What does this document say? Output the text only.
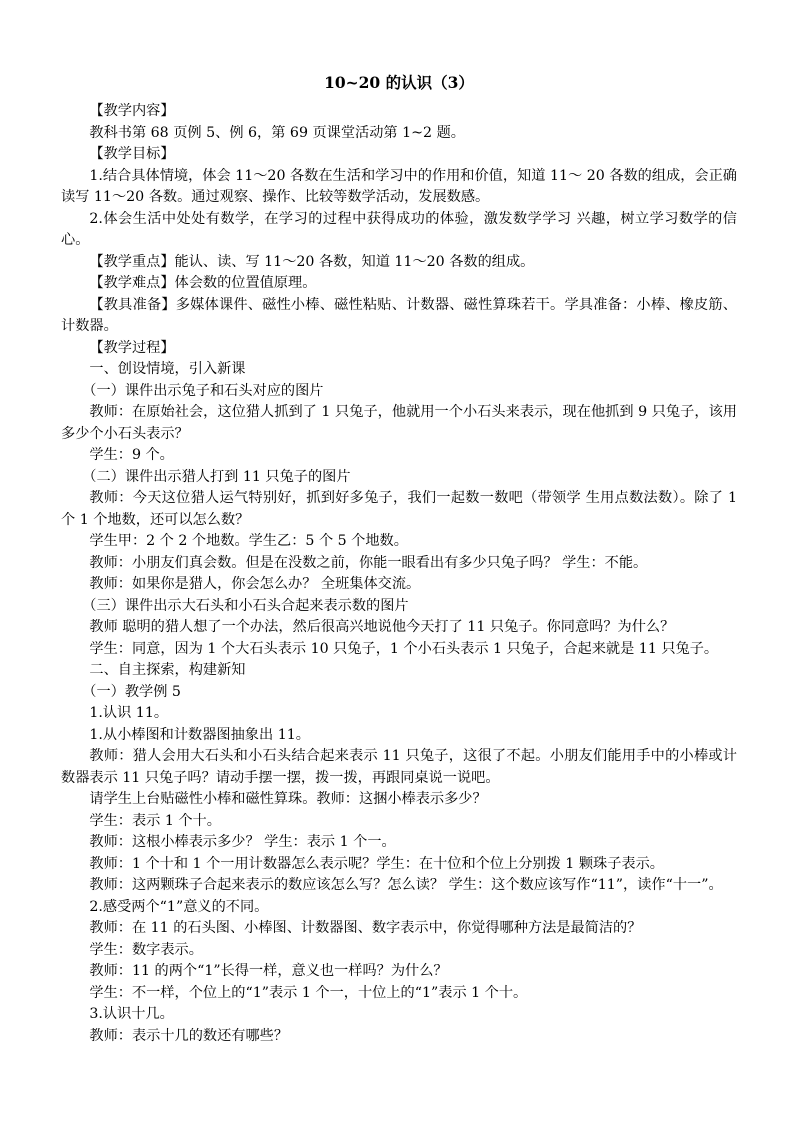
10~20 的认识（3）

【教学内容】

教科书第 68 页例 5、例 6，第 69 页课堂活动第 1~2 题。

【教学目标】

1.结合具体情境，体会 11～20 各数在生活和学习中的作用和价值，知道 11～ 20 各数的组成，会正确读写 11～20 各数。通过观察、操作、比较等数学活动，发展数感。

2.体会生活中处处有数学，在学习的过程中获得成功的体验，激发数学学习 兴趣，树立学习数学的信心。

【教学重点】能认、读、写 11～20 各数，知道 11～20 各数的组成。

【教学难点】体会数的位置值原理。

【教具准备】多媒体课件、磁性小棒、磁性粘贴、计数器、磁性算珠若干。学具准备：小棒、橡皮筋、计数器。

【教学过程】

一、创设情境，引入新课

（一）课件出示兔子和石头对应的图片

教师：在原始社会，这位猎人抓到了 1 只兔子，他就用一个小石头来表示，现在他抓到 9 只兔子，该用多少个小石头表示？

学生：9 个。

（二）课件出示猎人打到 11 只兔子的图片

教师：今天这位猎人运气特别好，抓到好多兔子，我们一起数一数吧（带领学 生用点数法数）。除了 1 个 1 个地数，还可以怎么数？

学生甲：2 个 2 个地数。学生乙：5 个 5 个地数。

教师：小朋友们真会数。但是在没数之前，你能一眼看出有多少只兔子吗？ 学生：不能。

教师：如果你是猎人，你会怎么办？ 全班集体交流。

（三）课件出示大石头和小石头合起来表示数的图片

教师 聪明的猎人想了一个办法，然后很高兴地说他今天打了 11 只兔子。你同意吗？为什么？

学生：同意，因为 1 个大石头表示 10 只兔子，1 个小石头表示 1 只兔子，合起来就是 11 只兔子。

二、自主探索，构建新知

（一）教学例 5

1.认识 11。

1.从小棒图和计数器图抽象出 11。

教师：猎人会用大石头和小石头结合起来表示 11 只兔子，这很了不起。小朋友们能用手中的小棒或计数器表示 11 只兔子吗？请动手摆一摆，拨一拨，再跟同桌说一说吧。

请学生上台贴磁性小棒和磁性算珠。教师：这捆小棒表示多少？

学生：表示 1 个十。

教师：这根小棒表示多少？ 学生：表示 1 个一。

教师：1 个十和 1 个一用计数器怎么表示呢？学生：在十位和个位上分别拨 1 颗珠子表示。

教师：这两颗珠子合起来表示的数应该怎么写？怎么读？ 学生：这个数应该写作“11”，读作“十一”。

2.感受两个“1”意义的不同。

教师：在 11 的石头图、小棒图、计数器图、数字表示中，你觉得哪种方法是最简洁的？

学生：数字表示。

教师：11 的两个“1”长得一样，意义也一样吗？为什么？

学生：不一样，个位上的“1”表示 1 个一，十位上的“1”表示 1 个十。

3.认识十几。

教师：表示十几的数还有哪些？
